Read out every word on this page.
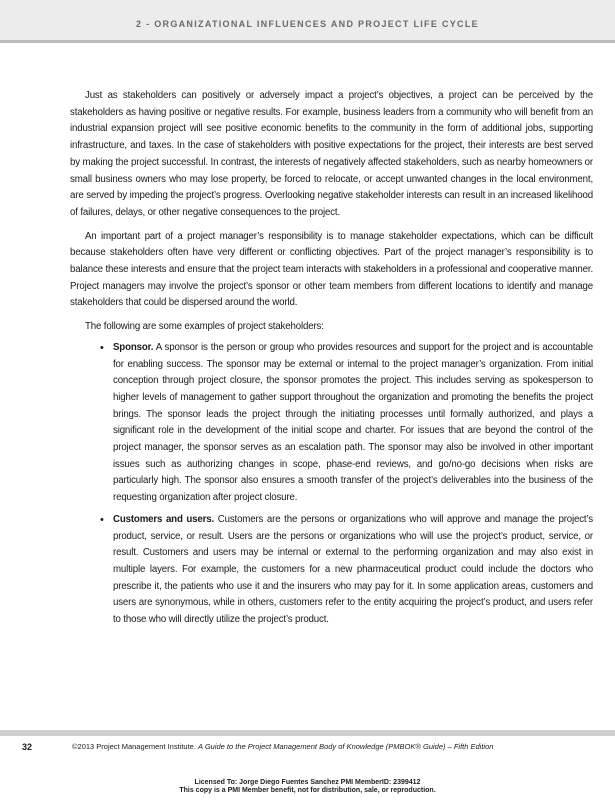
2 - ORGANIZATIONAL INFLUENCES AND PROJECT LIFE CYCLE

Just as stakeholders can positively or adversely impact a project’s objectives, a project can be perceived by the stakeholders as having positive or negative results. For example, business leaders from a community who will benefit from an industrial expansion project will see positive economic benefits to the community in the form of additional jobs, supporting infrastructure, and taxes. In the case of stakeholders with positive expectations for the project, their interests are best served by making the project successful. In contrast, the interests of negatively affected stakeholders, such as nearby homeowners or small business owners who may lose property, be forced to relocate, or accept unwanted changes in the local environment, are served by impeding the project’s progress. Overlooking negative stakeholder interests can result in an increased likelihood of failures, delays, or other negative consequences to the project.

An important part of a project manager’s responsibility is to manage stakeholder expectations, which can be difficult because stakeholders often have very different or conflicting objectives. Part of the project manager’s responsibility is to balance these interests and ensure that the project team interacts with stakeholders in a professional and cooperative manner. Project managers may involve the project’s sponsor or other team members from different locations to identify and manage stakeholders that could be dispersed around the world.

The following are some examples of project stakeholders:

• Sponsor. A sponsor is the person or group who provides resources and support for the project and is accountable for enabling success. The sponsor may be external or internal to the project manager’s organization. From initial conception through project closure, the sponsor promotes the project. This includes serving as spokesperson to higher levels of management to gather support throughout the organization and promoting the benefits the project brings. The sponsor leads the project through the initiating processes until formally authorized, and plays a significant role in the development of the initial scope and charter. For issues that are beyond the control of the project manager, the sponsor serves as an escalation path. The sponsor may also be involved in other important issues such as authorizing changes in scope, phase-end reviews, and go/no-go decisions when risks are particularly high. The sponsor also ensures a smooth transfer of the project’s deliverables into the business of the requesting organization after project closure.
• Customers and users. Customers are the persons or organizations who will approve and manage the project’s product, service, or result. Users are the persons or organizations who will use the project’s product, service, or result. Customers and users may be internal or external to the performing organization and may also exist in multiple layers. For example, the customers for a new pharmaceutical product could include the doctors who prescribe it, the patients who use it and the insurers who may pay for it. In some application areas, customers and users are synonymous, while in others, customers refer to the entity acquiring the project’s product, and users refer to those who will directly utilize the project’s product.
32	©2013 Project Management Institute. A Guide to the Project Management Body of Knowledge (PMBOK® Guide) – Fifth Edition
Licensed To: Jorge Diego Fuentes Sanchez PMI MemberID: 2399412
This copy is a PMI Member benefit, not for distribution, sale, or reproduction.
